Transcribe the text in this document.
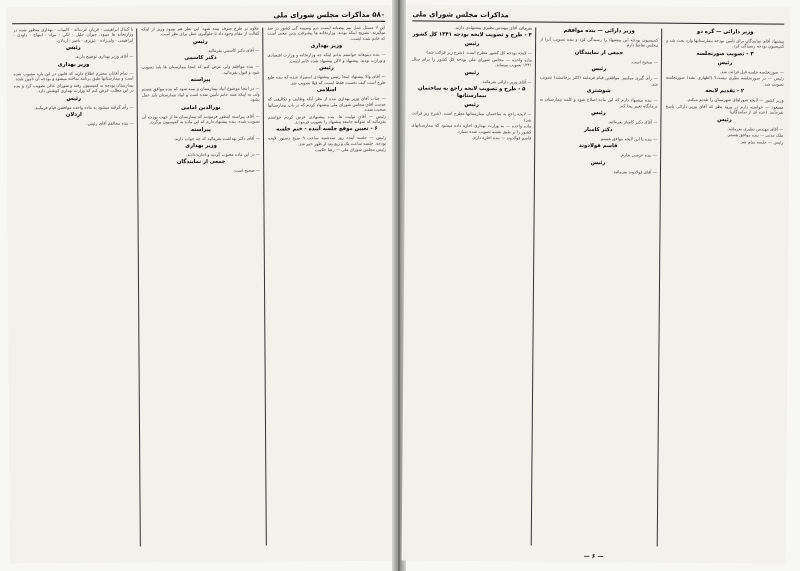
۵۸۰ مذاکرات مجلس شورای ملی

این لا مسئل عمل نیم بیضیانه ابست دیم وسیمه گی کشور در صد میگیرند. تشریح اینکه بودند. وزارتخانه ها پیشرفت بدین معنی است که خانم شده ابست.

وزیر بهداری

— بنده دیتوهانه خواستم بدانم اینکه چه وزارتخانه و وزارت اقتصادی و وزارت بودند. پیشنهاد و لاکن پیشنهاد شده خانم ابست.

رئیس

— آقای والا پیشنهاد اینجا رئیس پیشنهادی استیزاد شده که بنده طبع طرح است کیف نخست فقط ابست که قبلا تصویب شد.

اسلامی

— جناب آقای وزیر بهداری بنده از نظر آنکه وظایف و تکالیفی که خدمت آقای مجلس شورای ملی پیشنهاد کردم که در باب بیمارستانها صحبت شده.

رئیس — آقای تولیت ها. بنده پیشنهادی عرض کردم خواستم بفرمائید که سوگند جامعه پیشنهاد را تصویب فرمودند.

۶ - تعیین موقع جلسه آینده - ختم جلسه

رئیس — جلسه آینده روز سه‌شنبه ساعت ۹ صبح دستور لایحه بودجه. جلسه ساعت یک و ربع بعد از ظهر ختم شد.

رئیس مجلس شورای ملی — رضا حکمت

علاوه بر طرح صرف بیمه شود. این نظر هم بیمود وزیر از اینکه کفالت از مقام وجود داد تا جلوگیری عمل برای نظر است.

رئیس

— آقای دکتر کاسمی بفرمائید.

دکتر کاسمی

— بنده موافقم ولی عرض کنم که اینجا بیمارستان ها باید تصویب شود و قبول بفرمائید.

پیراسته

— در اینجا موضوع ابیاد بیمارستان و بیمه شود که بنده موافق هستم ولی به اینکه همه خانم تأمین شده است و ابیاد بیمارستان باید عمل بشود.

نورالدین امامی

— آقای پیراسته اینطور فرمودند که بیمارستان ها از جهت بودجه آن تصویب شده. بنده پیشنهاد دارم که این ماده به کمیسیون برگردد.

پیراسته

— آقای دکتر بهداشت بفرمائید که چه جواب دارند.

وزیر بهداری

— در این ماده مصوب گردید و اجازه دادند.

جمعی از نمایندگان

— صحیح است.

با کمال ابراهیمی - قربان عزت‌اله - کامیاب - بهداری منظور شده در وزارتخانه ها میبود. جبران جلیل - لکی - مراد - ابتهاج - داودی - ابراهیمی - ولی‌زاده - عزیزی - ناصر - اردلان.

رئیس

— آقای وزیر بهداری توضیح دارند.

وزیر بهداری

— تمام آقایان محترم اطلاع دارند که قانون در این باره مصوب شده است و بیمارستانها طبق برنامه ساخته میشود و بودجه آن تأمین شده.

بیمارستان بودجه به کمیسیون رفته و شورای عالی تصویب کرد و بنده در این مطلب عرض کنم که وزارت بهداری کوشش دارد.

رئیس

— رأی گرفته میشود به ماده واحده موافقین قیام فرمایند.

اردلان

— بنده مخالفم آقای رئیس.

مذاکرات مجلس شورای ملی
وزیر دارائی — گره دو

پیشنهاد آقای نمایندگان برای تأمین بودجه بیمارستانها وارد بحث شد و کمیسیون بودجه رسیدگی کرد.

۳ - تصویب صورتجلسه
رئیس

— صورتجلسه جلسه قبل قرائت شد.

رئیس — در صورتجلسه نظری نیست؟ (اظهاری نشد) صورتجلسه تصویب شد.

۲ - تقدیم لایحه

وزیر کشور — لایحه شوراهای شهرستان را تقدیم میکنم.

مسعود — خواسته دارم در ورود نظر که آقای وزیر دارائی پاسخ بفرمایند. (عده ای از نمایندگان)

رئیس

— آقای مهندس نظیری بفرمائید.

ملک مدنی — بنده موافق هستم.

رئیس — جلسه تمام شد.

وزیر دارائی — بنده موافقم

کمیسیون بودجه این پیشنهاد را رسیدگی کرد و بنده تصویب آنرا از مجلس تقاضا دارم.

جمعی از نمایندگان

— صحیح است.

رئیس

— رأی گیری میکنیم. موافقین قیام فرمایند (اکثر برخاستند) تصویب شد.

شوشتری

— بنده پیشنهاد دارم که این ماده اصلاح شود و کلمه بیمارستان به درمانگاه تغییر پیدا کند.

رئیس

— آقای دکتر کامیار بفرمائید.

دکتر کامیار

— بنده با این لایحه موافق هستم.

قاسم فولادوند

— بنده عرضی ندارم.

رئیس

— آقای فولادوند بفرمائید.

بفرمائید آقای مهندس نظیری پیشنهادی دارند.

۴ - طرح و تصویب لایحه بودجه ۱۳۴۱ کل کشور
رئیس

— لایحه بودجه کل کشور مطرح است. (شرح زیر قرائت شد)

ماده واحده — مجلس شورای ملی بودجه کل کشور را برای سال ۱۳۴۱ تصویب مینماید.

رئیس

— آقای وزیر دارائی بفرمائید.

۵ - طرح و تصویب لایحه راجع به ساختمان بیمارستانها
رئیس

— لایحه راجع به ساختمان بیمارستانها مطرح است. (شرح زیر قرائت شد)

ماده واحده — به وزارت بهداری اجازه داده میشود که بیمارستانهای کشور را بر طبق نقشه تصویب شده بسازد.

قاسم فولادوند — بنده اجازه دارم.

— ۶ —
